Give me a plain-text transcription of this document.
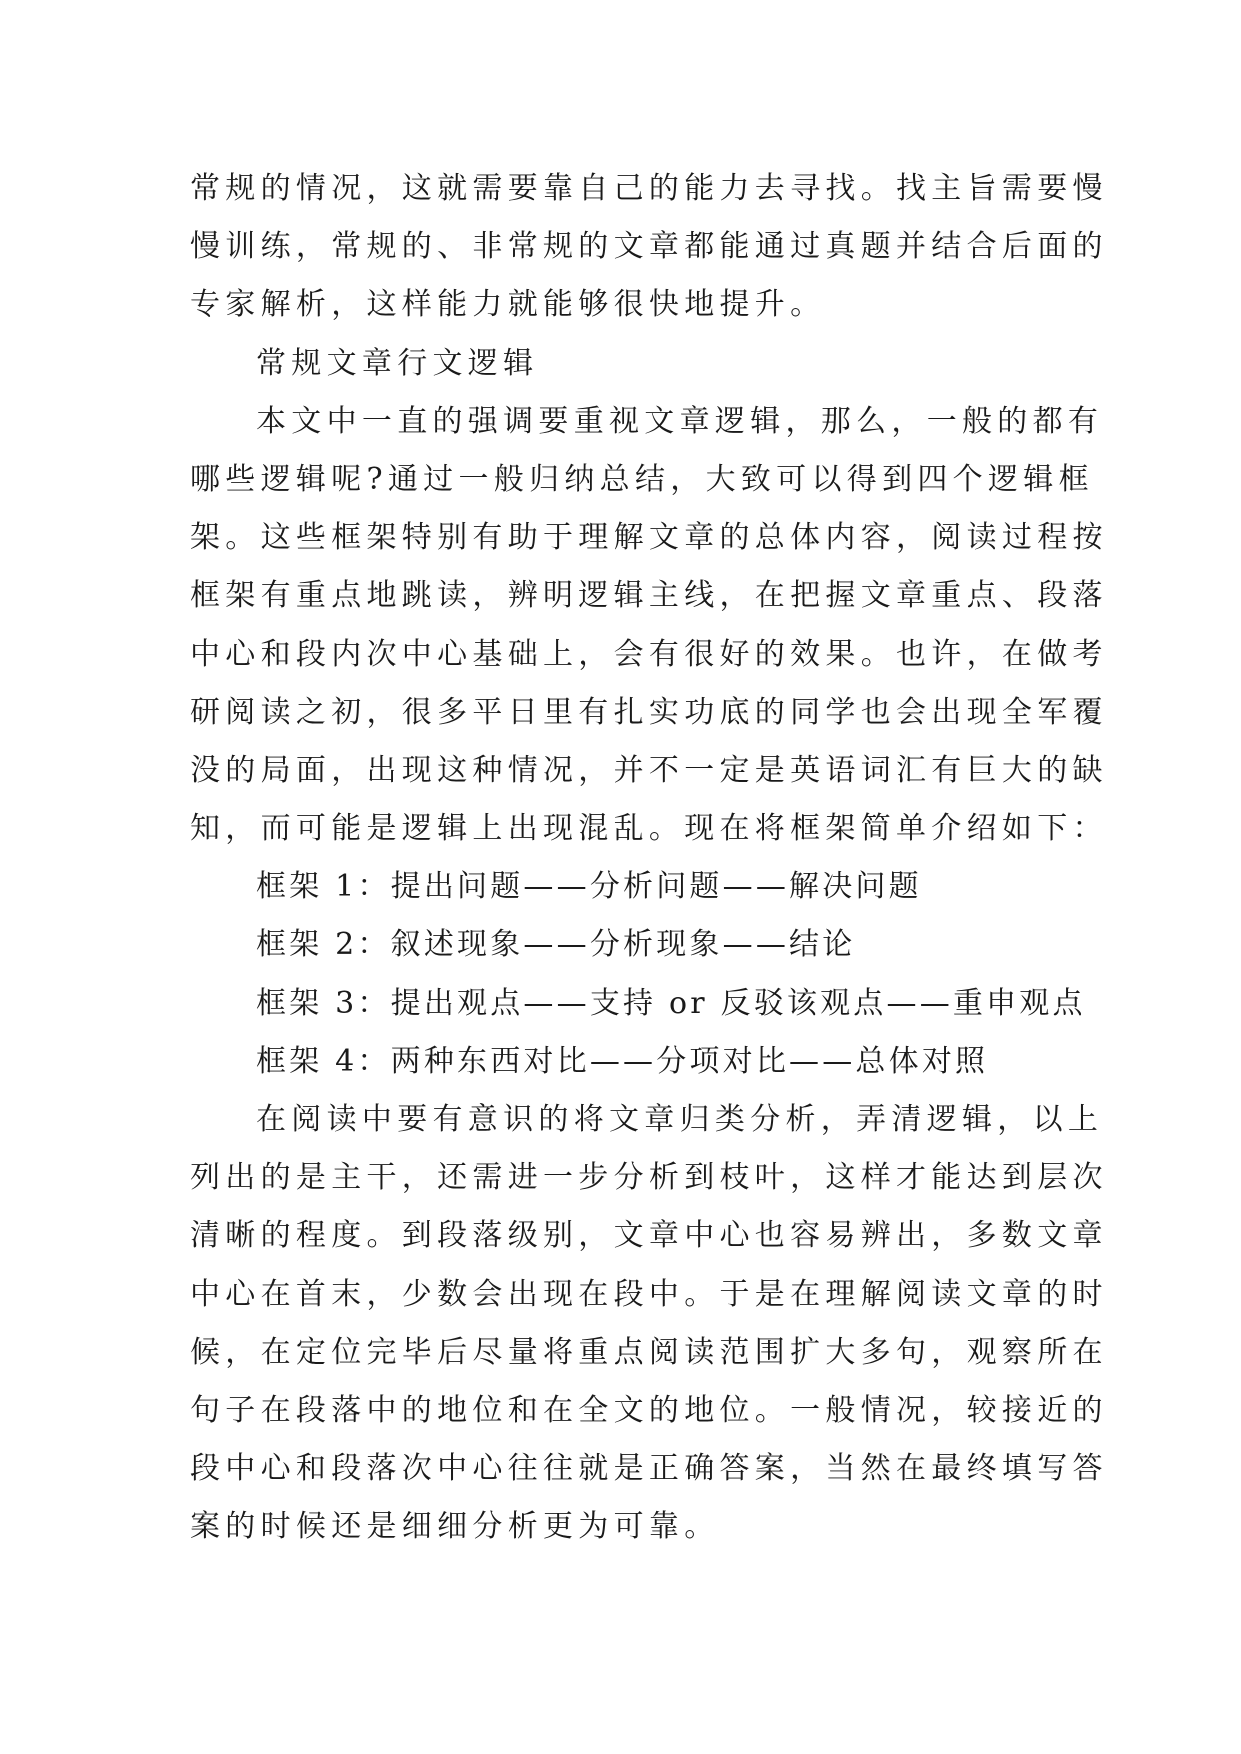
常规的情况，这就需要靠自己的能力去寻找。找主旨需要慢
慢训练，常规的、非常规的文章都能通过真题并结合后面的
专家解析，这样能力就能够很快地提升。
常规文章行文逻辑
本文中一直的强调要重视文章逻辑，那么，一般的都有
哪些逻辑呢?通过一般归纳总结，大致可以得到四个逻辑框
架。这些框架特别有助于理解文章的总体内容，阅读过程按
框架有重点地跳读，辨明逻辑主线，在把握文章重点、段落
中心和段内次中心基础上，会有很好的效果。也许，在做考
研阅读之初，很多平日里有扎实功底的同学也会出现全军覆
没的局面，出现这种情况，并不一定是英语词汇有巨大的缺
知，而可能是逻辑上出现混乱。现在将框架简单介绍如下：
框架 1：提出问题——分析问题——解决问题
框架 2：叙述现象——分析现象——结论
框架 3：提出观点——支持 or 反驳该观点——重申观点
框架 4：两种东西对比——分项对比——总体对照
在阅读中要有意识的将文章归类分析，弄清逻辑，以上
列出的是主干，还需进一步分析到枝叶，这样才能达到层次
清晰的程度。到段落级别，文章中心也容易辨出，多数文章
中心在首末，少数会出现在段中。于是在理解阅读文章的时
候，在定位完毕后尽量将重点阅读范围扩大多句，观察所在
句子在段落中的地位和在全文的地位。一般情况，较接近的
段中心和段落次中心往往就是正确答案，当然在最终填写答
案的时候还是细细分析更为可靠。
